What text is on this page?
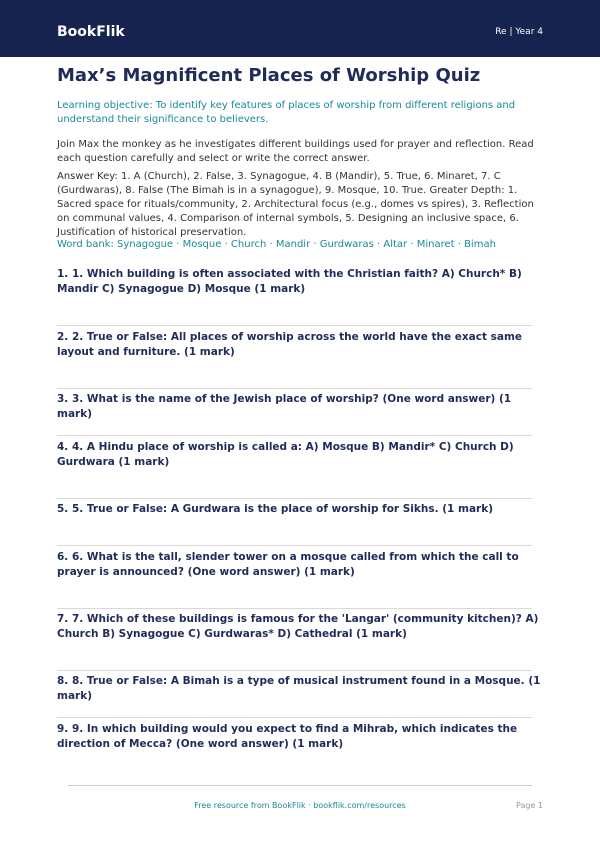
BookFlik	Re | Year 4
Max’s Magnificent Places of Worship Quiz

Learning objective: To identify key features of places of worship from different religions and understand their significance to believers.

Join Max the monkey as he investigates different buildings used for prayer and reflection. Read each question carefully and select or write the correct answer.

Answer Key: 1. A (Church), 2. False, 3. Synagogue, 4. B (Mandir), 5. True, 6. Minaret, 7. C (Gurdwaras), 8. False (The Bimah is in a synagogue), 9. Mosque, 10. True. Greater Depth: 1. Sacred space for rituals/community, 2. Architectural focus (e.g., domes vs spires), 3. Reflection on communal values, 4. Comparison of internal symbols, 5. Designing an inclusive space, 6. Justification of historical preservation.

Word bank: Synagogue · Mosque · Church · Mandir · Gurdwaras · Altar · Minaret · Bimah

1. 1. Which building is often associated with the Christian faith? A) Church* B) Mandir C) Synagogue D) Mosque (1 mark)

2. 2. True or False: All places of worship across the world have the exact same layout and furniture. (1 mark)

3. 3. What is the name of the Jewish place of worship? (One word answer) (1 mark)

4. 4. A Hindu place of worship is called a: A) Mosque B) Mandir* C) Church D) Gurdwara (1 mark)

5. 5. True or False: A Gurdwara is the place of worship for Sikhs. (1 mark)

6. 6. What is the tall, slender tower on a mosque called from which the call to prayer is announced? (One word answer) (1 mark)

7. 7. Which of these buildings is famous for the 'Langar' (community kitchen)? A) Church B) Synagogue C) Gurdwaras* D) Cathedral (1 mark)

8. 8. True or False: A Bimah is a type of musical instrument found in a Mosque. (1 mark)

9. 9. In which building would you expect to find a Mihrab, which indicates the direction of Mecca? (One word answer) (1 mark)

Free resource from BookFlik · bookflik.com/resources	Page 1
